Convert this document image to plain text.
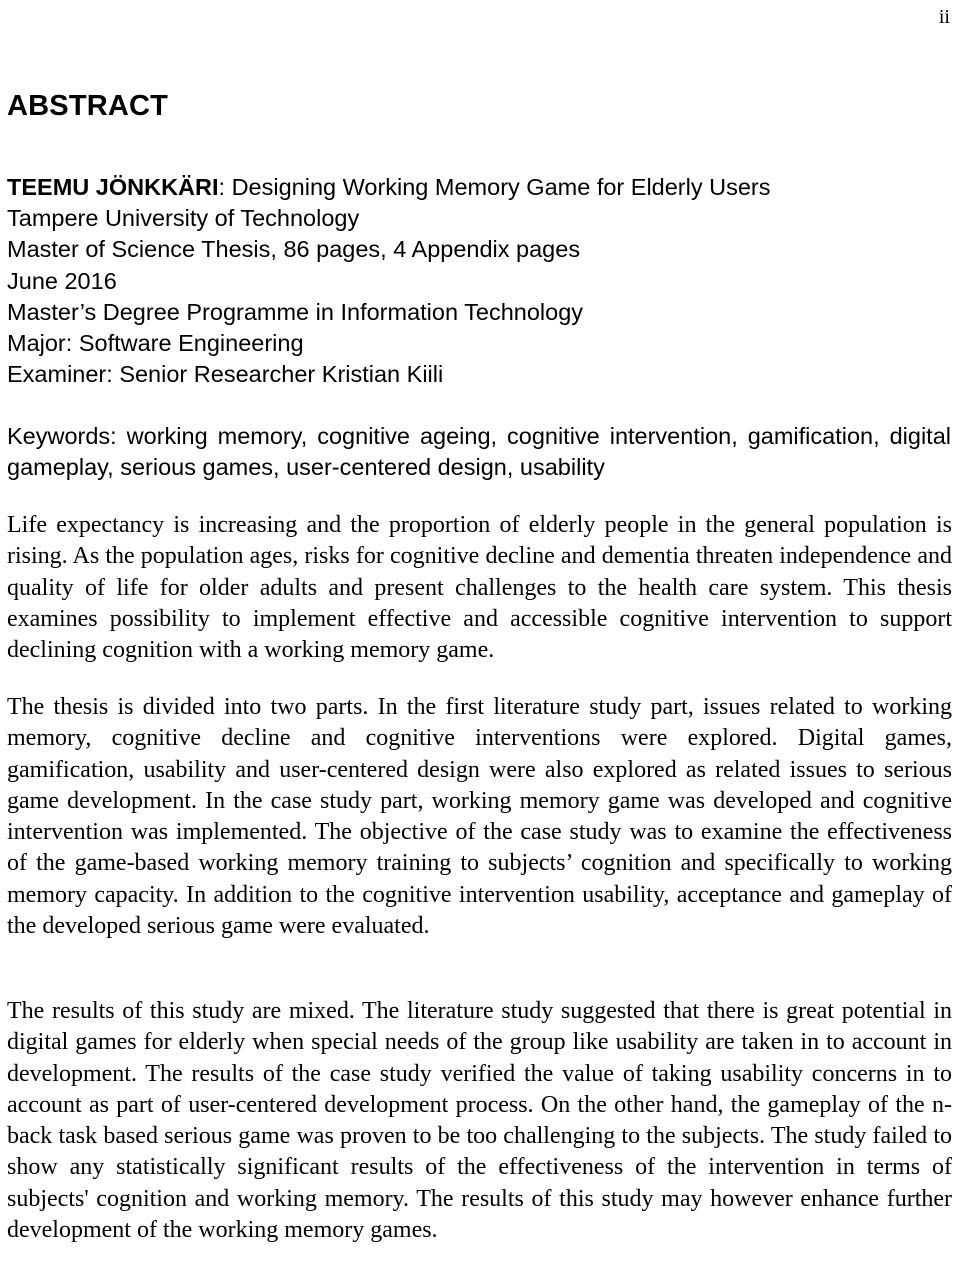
ii
ABSTRACT
TEEMU JÖNKKÄRI: Designing Working Memory Game for Elderly Users
Tampere University of Technology
Master of Science Thesis, 86 pages, 4 Appendix pages
June 2016
Master’s Degree Programme in Information Technology
Major: Software Engineering
Examiner: Senior Researcher Kristian Kiili
Keywords: working memory, cognitive ageing, cognitive intervention, gamification, digital gameplay, serious games, user-centered design, usability

Life expectancy is increasing and the proportion of elderly people in the general population is rising. As the population ages, risks for cognitive decline and dementia threaten independence and quality of life for older adults and present challenges to the health care system. This thesis examines possibility to implement effective and accessible cognitive intervention to support declining cognition with a working memory game.

The thesis is divided into two parts. In the first literature study part, issues related to working memory, cognitive decline and cognitive interventions were explored. Digital games, gamification, usability and user-centered design were also explored as related issues to serious game development. In the case study part, working memory game was developed and cognitive intervention was implemented. The objective of the case study was to examine the effectiveness of the game-based working memory training to subjects’ cognition and specifically to working memory capacity. In addition to the cognitive intervention usability, acceptance and gameplay of the developed serious game were evaluated.

The results of this study are mixed. The literature study suggested that there is great potential in digital games for elderly when special needs of the group like usability are taken in to account in development. The results of the case study verified the value of taking usability concerns in to account as part of user-centered development process. On the other hand, the gameplay of the n-back task based serious game was proven to be too challenging to the subjects. The study failed to show any statistically significant results of the effectiveness of the intervention in terms of subjects' cognition and working memory. The results of this study may however enhance further development of the working memory games.
